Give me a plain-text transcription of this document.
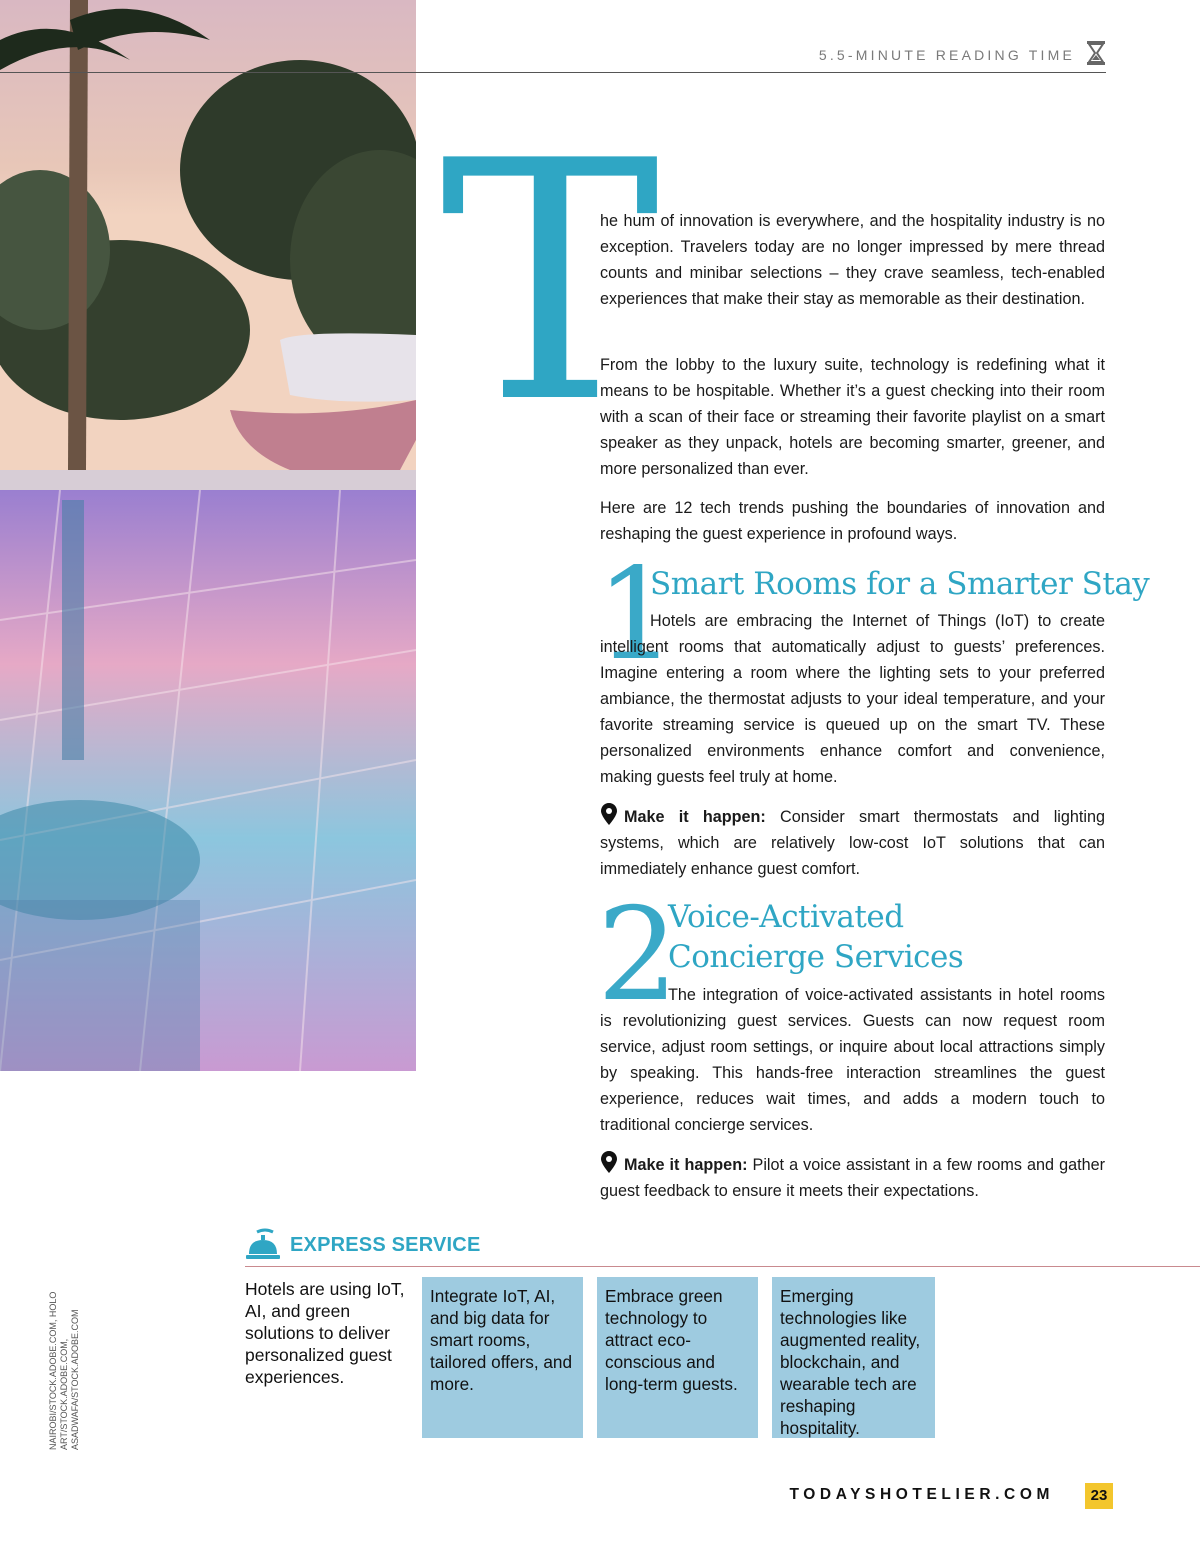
5.5-MINUTE READING TIME
T

he hum of innovation is everywhere, and the hospitality industry is no exception. Travelers today are no longer impressed by mere thread counts and minibar selections – they crave seamless, tech-enabled experiences that make their stay as memorable as their destination.

From the lobby to the luxury suite, technology is redefining what it means to be hospitable. Whether it’s a guest checking into their room with a scan of their face or streaming their favorite playlist on a smart speaker as they unpack, hotels are becoming smarter, greener, and more personalized than ever.

Here are 12 tech trends pushing the boundaries of innovation and reshaping the guest experience in profound ways.

1
Smart Rooms for a Smarter Stay

Hotels are embracing the Internet of Things (IoT) to create intelligent rooms that automatically adjust to guests’ preferences. Imagine entering a room where the lighting sets to your preferred ambiance, the thermostat adjusts to your ideal temperature, and your favorite streaming service is queued up on the smart TV. These personalized environments enhance comfort and convenience, making guests feel truly at home.

Make it happen: Consider smart thermostats and lighting systems, which are relatively low-cost IoT solutions that can immediately enhance guest comfort.
2
Voice-Activated Concierge Services

The integration of voice-activated assistants in hotel rooms is revolutionizing guest services. Guests can now request room service, adjust room settings, or inquire about local attractions simply by speaking. This hands-free interaction streamlines the guest experience, reduces wait times, and adds a modern touch to traditional concierge services.

Make it happen: Pilot a voice assistant in a few rooms and gather guest feedback to ensure it meets their expectations.
NAIROBI/STOCK.ADOBE.COM, HOLO ART/STOCK.ADOBE.COM, ASADWAFA/STOCK.ADOBE.COM
EXPRESS SERVICE
Hotels are using IoT, AI, and green solutions to deliver personalized guest experiences.
Integrate IoT, AI, and big data for smart rooms, tailored offers, and more.
Embrace green technology to attract eco-conscious and long-term guests.
Emerging technologies like augmented reality, blockchain, and wearable tech are reshaping hospitality.
TODAYSHOTELIER.COM	23
